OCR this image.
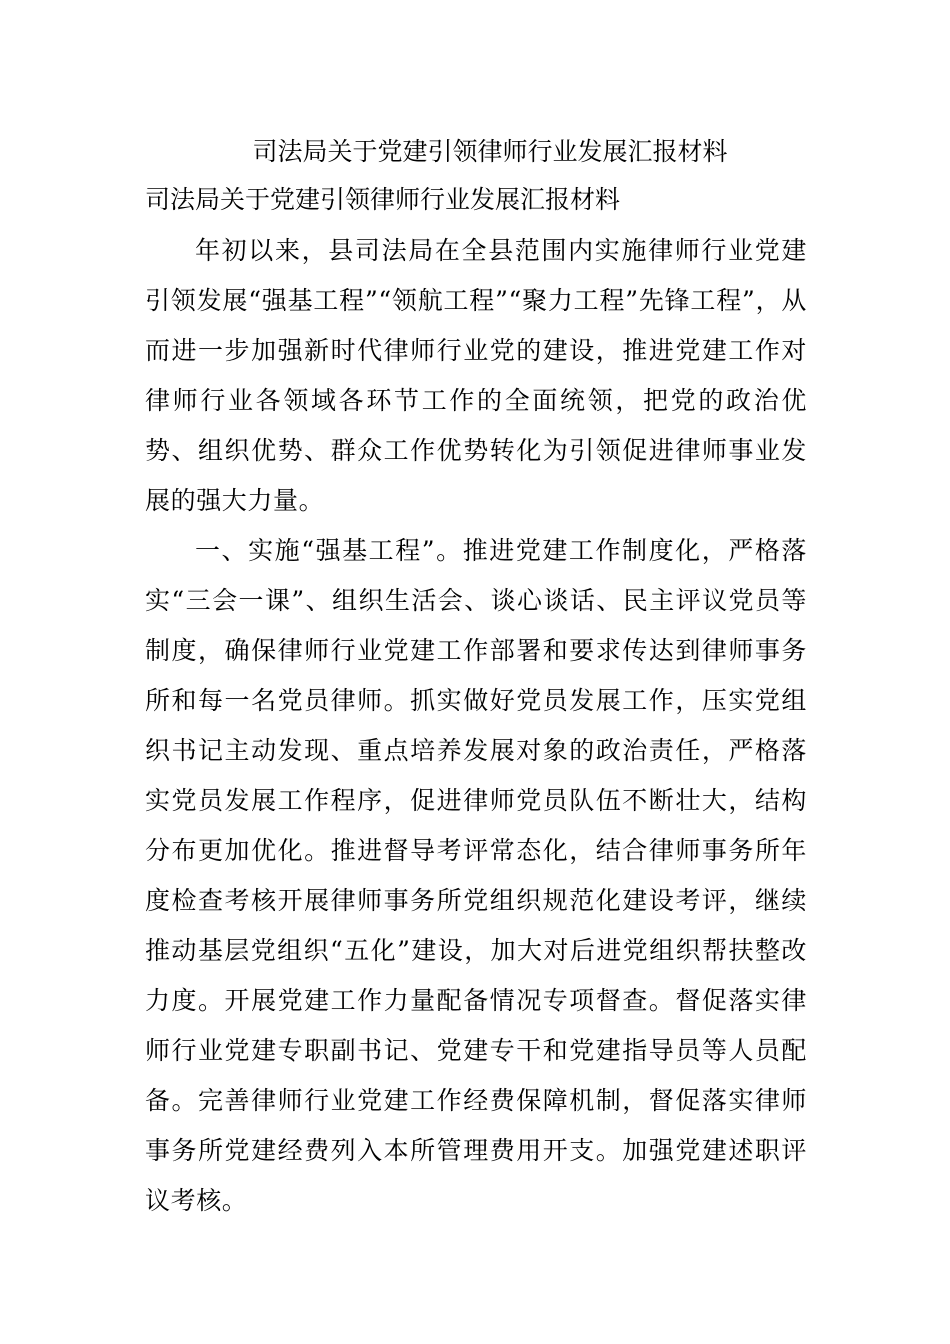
司法局关于党建引领律师行业发展汇报材料
司法局关于党建引领律师行业发展汇报材料

年初以来，县司法局在全县范围内实施律师行业党建引领发展“强基工程”“领航工程”“聚力工程”先锋工程”，从而进一步加强新时代律师行业党的建设，推进党建工作对律师行业各领域各环节工作的全面统领，把党的政治优势、组织优势、群众工作优势转化为引领促进律师事业发展的强大力量。

一、实施“强基工程”。推进党建工作制度化，严格落实“三会一课”、组织生活会、谈心谈话、民主评议党员等制度，确保律师行业党建工作部署和要求传达到律师事务所和每一名党员律师。抓实做好党员发展工作，压实党组织书记主动发现、重点培养发展对象的政治责任，严格落实党员发展工作程序，促进律师党员队伍不断壮大，结构分布更加优化。推进督导考评常态化，结合律师事务所年度检查考核开展律师事务所党组织规范化建设考评，继续推动基层党组织“五化”建设，加大对后进党组织帮扶整改力度。开展党建工作力量配备情况专项督查。督促落实律师行业党建专职副书记、党建专干和党建指导员等人员配备。完善律师行业党建工作经费保障机制，督促落实律师事务所党建经费列入本所管理费用开支。加强党建述职评议考核。
